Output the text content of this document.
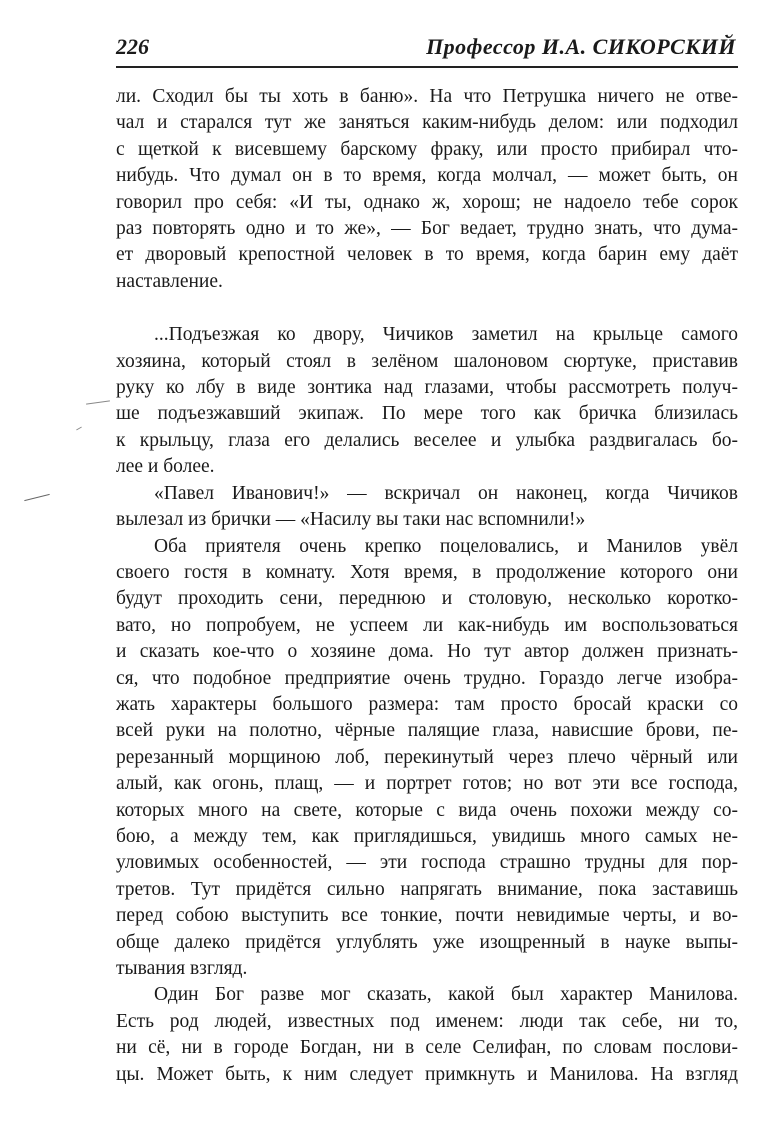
226	Профессор И.А. СИКОРСКИЙ
ли. Сходил бы ты хоть в баню». На что Петрушка ничего не отве-
чал и старался тут же заняться каким-нибудь делом: или подходил
с щеткой к висевшему барскому фраку, или просто прибирал что-
нибудь. Что думал он в то время, когда молчал, — может быть, он
говорил про себя: «И ты, однако ж, хорош; не надоело тебе сорок
раз повторять одно и то же», — Бог ведает, трудно знать, что дума-
ет дворовый крепостной человек в то время, когда барин ему даёт
наставление.
...Подъезжая ко двору, Чичиков заметил на крыльце самого
хозяина, который стоял в зелёном шалоновом сюртуке, приставив
руку ко лбу в виде зонтика над глазами, чтобы рассмотреть получ-
ше подъезжавший экипаж. По мере того как бричка близилась
к крыльцу, глаза его делались веселее и улыбка раздвигалась бо-
лее и более.
«Павел Иванович!» — вскричал он наконец, когда Чичиков
вылезал из брички — «Насилу вы таки нас вспомнили!»
Оба приятеля очень крепко поцеловались, и Манилов увёл
своего гостя в комнату. Хотя время, в продолжение которого они
будут проходить сени, переднюю и столовую, несколько коротко-
вато, но попробуем, не успеем ли как-нибудь им воспользоваться
и сказать кое-что о хозяине дома. Но тут автор должен признать-
ся, что подобное предприятие очень трудно. Гораздо легче изобра-
жать характеры большого размера: там просто бросай краски со
всей руки на полотно, чёрные палящие глаза, нависшие брови, пе-
ререзанный морщиною лоб, перекинутый через плечо чёрный или
алый, как огонь, плащ, — и портрет готов; но вот эти все господа,
которых много на свете, которые с вида очень похожи между со-
бою, а между тем, как приглядишься, увидишь много самых не-
уловимых особенностей, — эти господа страшно трудны для пор-
третов. Тут придётся сильно напрягать внимание, пока заставишь
перед собою выступить все тонкие, почти невидимые черты, и во-
обще далеко придётся углублять уже изощренный в науке выпы-
тывания взгляд.
Один Бог разве мог сказать, какой был характер Манилова.
Есть род людей, известных под именем: люди так себе, ни то,
ни сё, ни в городе Богдан, ни в селе Селифан, по словам послови-
цы. Может быть, к ним следует примкнуть и Манилова. На взгляд
